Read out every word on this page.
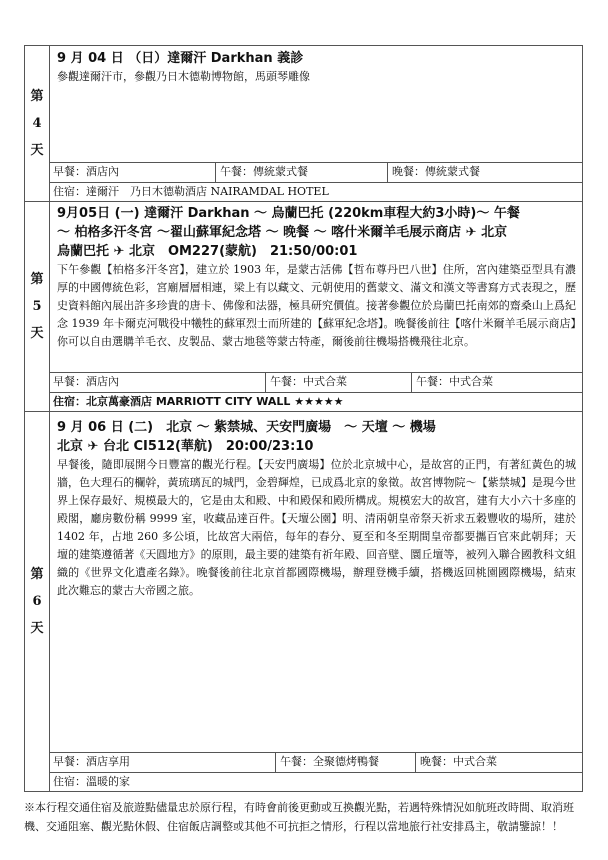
第
4
天
9 月 04 日 （日）達爾汗 Darkhan 義診
參觀達爾汗市，參觀乃日木德勒博物館，馬頭琴雕像
早餐：酒店內	午餐：傳統蒙式餐	晚餐：傳統蒙式餐
住宿：達爾汗　乃日木德勒酒店 NAIRAMDAL HOTEL
第
5
天
9月05日 (一) 達爾汗 Darkhan ～ 烏蘭巴托 (220km車程大約3小時)～ 午餐
～ 柏格多汗冬宮 ～翟山蘇軍紀念塔 ～ 晚餐 ～ 喀什米爾羊毛展示商店 ✈ 北京
烏蘭巴托 ✈ 北京　OM227(蒙航)　21:50/00:01
下午參觀【柏格多汗冬宮】，建立於 1903 年，是蒙古活佛【哲布尊丹巴八世】住所，宮內建築亞型具有濃厚的中國傳統色彩，宮廟層層相連，梁上有以藏文、元朝使用的舊蒙文、滿文和漢文等書寫方式表現之，歷史資料館內展出許多珍貴的唐卡、佛像和法器，極具研究價值。接著參觀位於烏蘭巴托南郊的齋桑山上爲紀念 1939 年卡爾克河戰役中犧牲的蘇軍烈士而所建的【蘇軍紀念塔】。晚餐後前往【喀什米爾羊毛展示商店】你可以自由選購羊毛衣、皮製品、蒙古地毯等蒙古特產，爾後前往機場搭機飛往北京。
早餐：酒店內	午餐：中式合菜	午餐：中式合菜
住宿：北京萬豪酒店 MARRIOTT CITY WALL ★★★★★
第
6
天
9 月 06 日 (二)　北京 ～ 紫禁城、天安門廣場　～ 天壇 ～ 機場
北京 ✈ 台北 CI512(華航)　20:00/23:10
早餐後，隨即展開今日豐富的觀光行程。【天安門廣場】位於北京城中心，是故宮的正門，有著紅黃色的城牆，色大理石的欄幹，黃琉璃瓦的城門，金碧輝煌，已成爲北京的象徵。故宮博物院～【紫禁城】是現今世界上保存最好、規模最大的，它是由太和殿、中和殿保和殿所構成。規模宏大的故宮，建有大小六十多座的殿閣，廳房數份稱 9999 室，收藏品達百件。【天壇公園】明、清兩朝皇帝祭天祈求五穀豐收的場所，建於 1402 年，占地 260 多公頃，比故宮大兩倍，每年的春分、夏至和冬至期間皇帝都要攜百官來此朝拜；天壇的建築遵循著《天圓地方》的原則，最主要的建築有祈年殿、回音壁、圜丘壇等，被列入聯合國教科文組織的《世界文化遺產名錄》。晚餐後前往北京首都國際機場，辦理登機手續，搭機返回桃園國際機場，結束此次難忘的蒙古大帝國之旅。
早餐：酒店享用	午餐：全聚德烤鴨餐	晚餐：中式合菜
住宿：溫暖的家
※本行程交通住宿及旅遊點儘量忠於原行程，有時會前後更動或互換觀光點，若遇特殊情況如航班改時間、取消班機、交通阻塞、觀光點休假、住宿飯店調整或其他不可抗拒之情形，行程以當地旅行社安排爲主，敬請鑒諒！！
